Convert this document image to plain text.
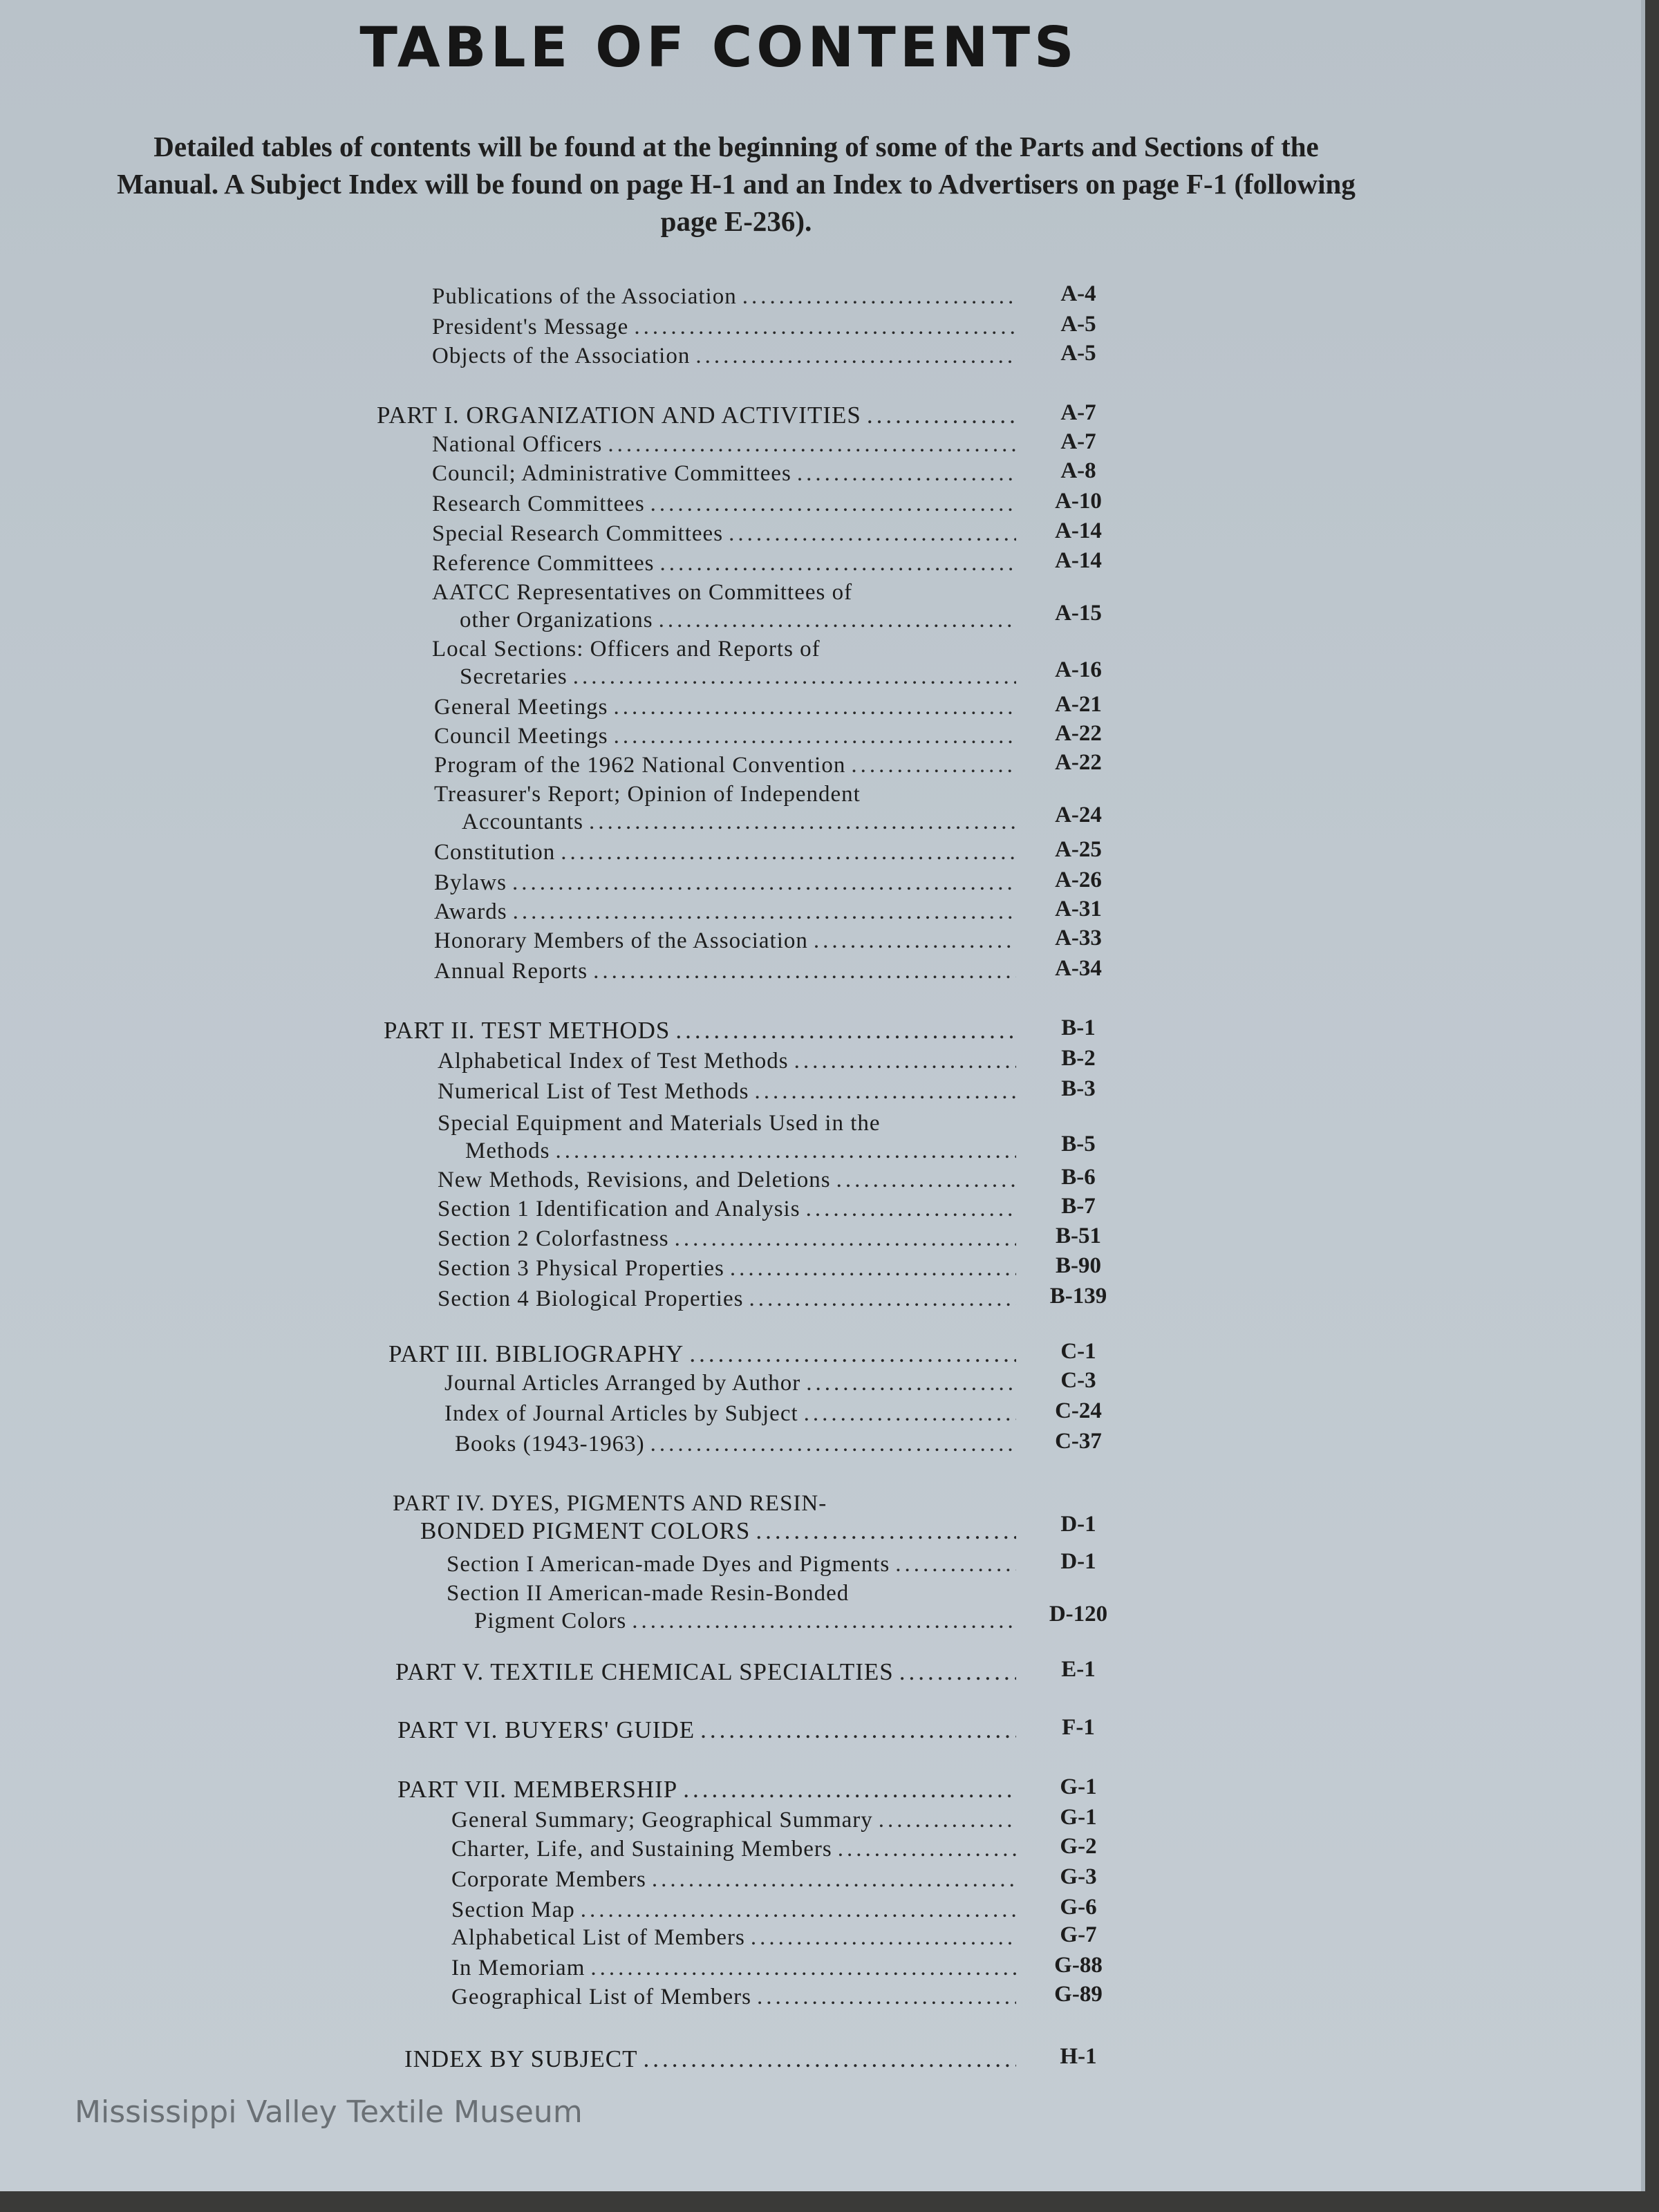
TABLE OF CONTENTS
Detailed tables of contents will be found at the beginning of some of the Parts and Sections of the Manual. A Subject Index will be found on page H-1 and an Index to Advertisers on page F-1 (following page E-236).
Publications of the Association .....	A-4
President's Message .....	A-5
Objects of the Association .....	A-5
PART I. ORGANIZATION AND ACTIVITIES .....	A-7
National Officers .....	A-7
Council; Administrative Committees .....	A-8
Research Committees .....	A-10
Special Research Committees .....	A-14
Reference Committees .....	A-14
AATCC Representatives on Committees of
other Organizations .....	A-15
Local Sections: Officers and Reports of
Secretaries .....	A-16
General Meetings .....	A-21
Council Meetings .....	A-22
Program of the 1962 National Convention .....	A-22
Treasurer's Report; Opinion of Independent
Accountants .....	A-24
Constitution .....	A-25
Bylaws .....	A-26
Awards .....	A-31
Honorary Members of the Association .....	A-33
Annual Reports .....	A-34
PART II. TEST METHODS .....	B-1
Alphabetical Index of Test Methods .....	B-2
Numerical List of Test Methods .....	B-3
Special Equipment and Materials Used in the
Methods .....	B-5
New Methods, Revisions, and Deletions .....	B-6
Section 1 Identification and Analysis .....	B-7
Section 2 Colorfastness .....	B-51
Section 3 Physical Properties .....	B-90
Section 4 Biological Properties .....	B-139
PART III. BIBLIOGRAPHY .....	C-1
Journal Articles Arranged by Author .....	C-3
Index of Journal Articles by Subject .....	C-24
Books (1943-1963) .....	C-37
PART IV. DYES, PIGMENTS AND RESIN-
BONDED PIGMENT COLORS .....	D-1
Section I American-made Dyes and Pigments .....	D-1
Section II American-made Resin-Bonded
Pigment Colors .....	D-120
PART V. TEXTILE CHEMICAL SPECIALTIES .....	E-1
PART VI. BUYERS' GUIDE .....	F-1
PART VII. MEMBERSHIP .....	G-1
General Summary; Geographical Summary .....	G-1
Charter, Life, and Sustaining Members .....	G-2
Corporate Members .....	G-3
Section Map .....	G-6
Alphabetical List of Members .....	G-7
In Memoriam .....	G-88
Geographical List of Members .....	G-89
INDEX BY SUBJECT .....	H-1
Mississippi Valley Textile Museum
